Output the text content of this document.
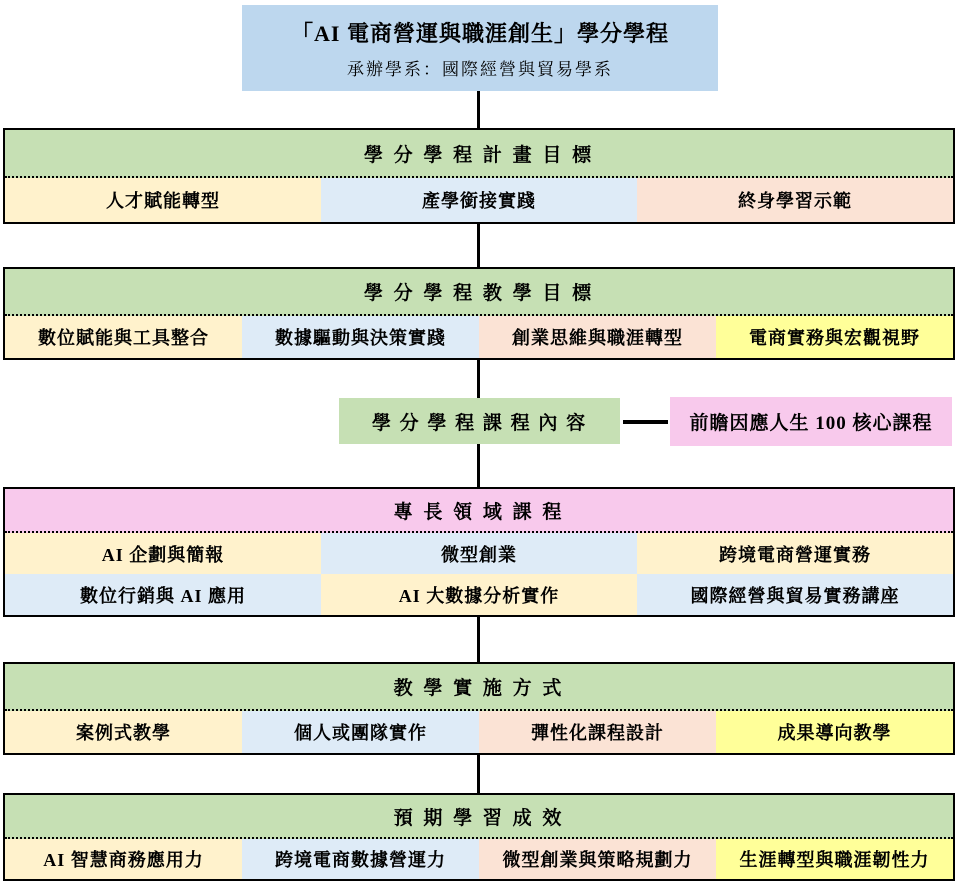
「AI 電商營運與職涯創生」學分學程
承辦學系：國際經營與貿易學系
學 分 學 程 計 畫 目 標
人才賦能轉型	產學銜接實踐	終身學習示範
學 分 學 程 教 學 目 標
數位賦能與工具整合	數據驅動與決策實踐	創業思維與職涯轉型	電商實務與宏觀視野
學 分 學 程 課 程 內 容	前瞻因應人生 100 核心課程
專 長 領 域 課 程
AI 企劃與簡報	微型創業	跨境電商營運實務
數位行銷與 AI 應用	AI 大數據分析實作	國際經營與貿易實務講座
教 學 實 施 方 式
案例式教學	個人或團隊實作	彈性化課程設計	成果導向教學
預 期 學 習 成 效
AI 智慧商務應用力	跨境電商數據營運力	微型創業與策略規劃力	生涯轉型與職涯韌性力
